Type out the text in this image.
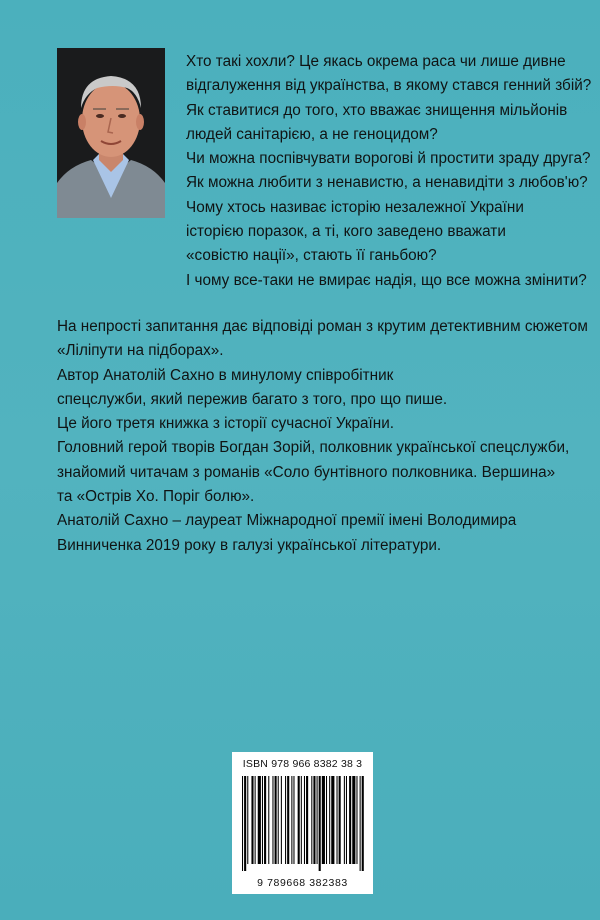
Хто такі хохли? Це якась окрема раса чи лише дивне
відгалуження від українства, в якому стався генний збій?
Як ставитися до того, хто вважає знищення мільйонів
людей санітарією, а не геноцидом?
Чи можна поспівчувати ворогові й простити зраду друга?
Як можна любити з ненавистю, а ненавидіти з любов'ю?
Чому хтось називає історію незалежної України
історією поразок, а ті, кого заведено вважати
«совістю нації», стають її ганьбою?
І чому все-таки не вмирає надія, що все можна змінити?
На непрості запитання дає відповіді роман з крутим детективним сюжетом
«Ліліпути на підборах».
Автор Анатолій Сахно в минулому співробітник
спецслужби, який пережив багато з того, про що пише.
Це його третя книжка з історії сучасної України.
Головний герой творів Богдан Зорій, полковник української спецслужби,
знайомий читачам з романів «Соло бунтівного полковника. Вершина»
та «Острів Хо. Поріг болю».
Анатолій Сахно – лауреат Міжнародної премії імені Володимира
Винниченка 2019 року в галузі української літератури.
ISBN 978 966 8382 38 3
9 789668 382383
